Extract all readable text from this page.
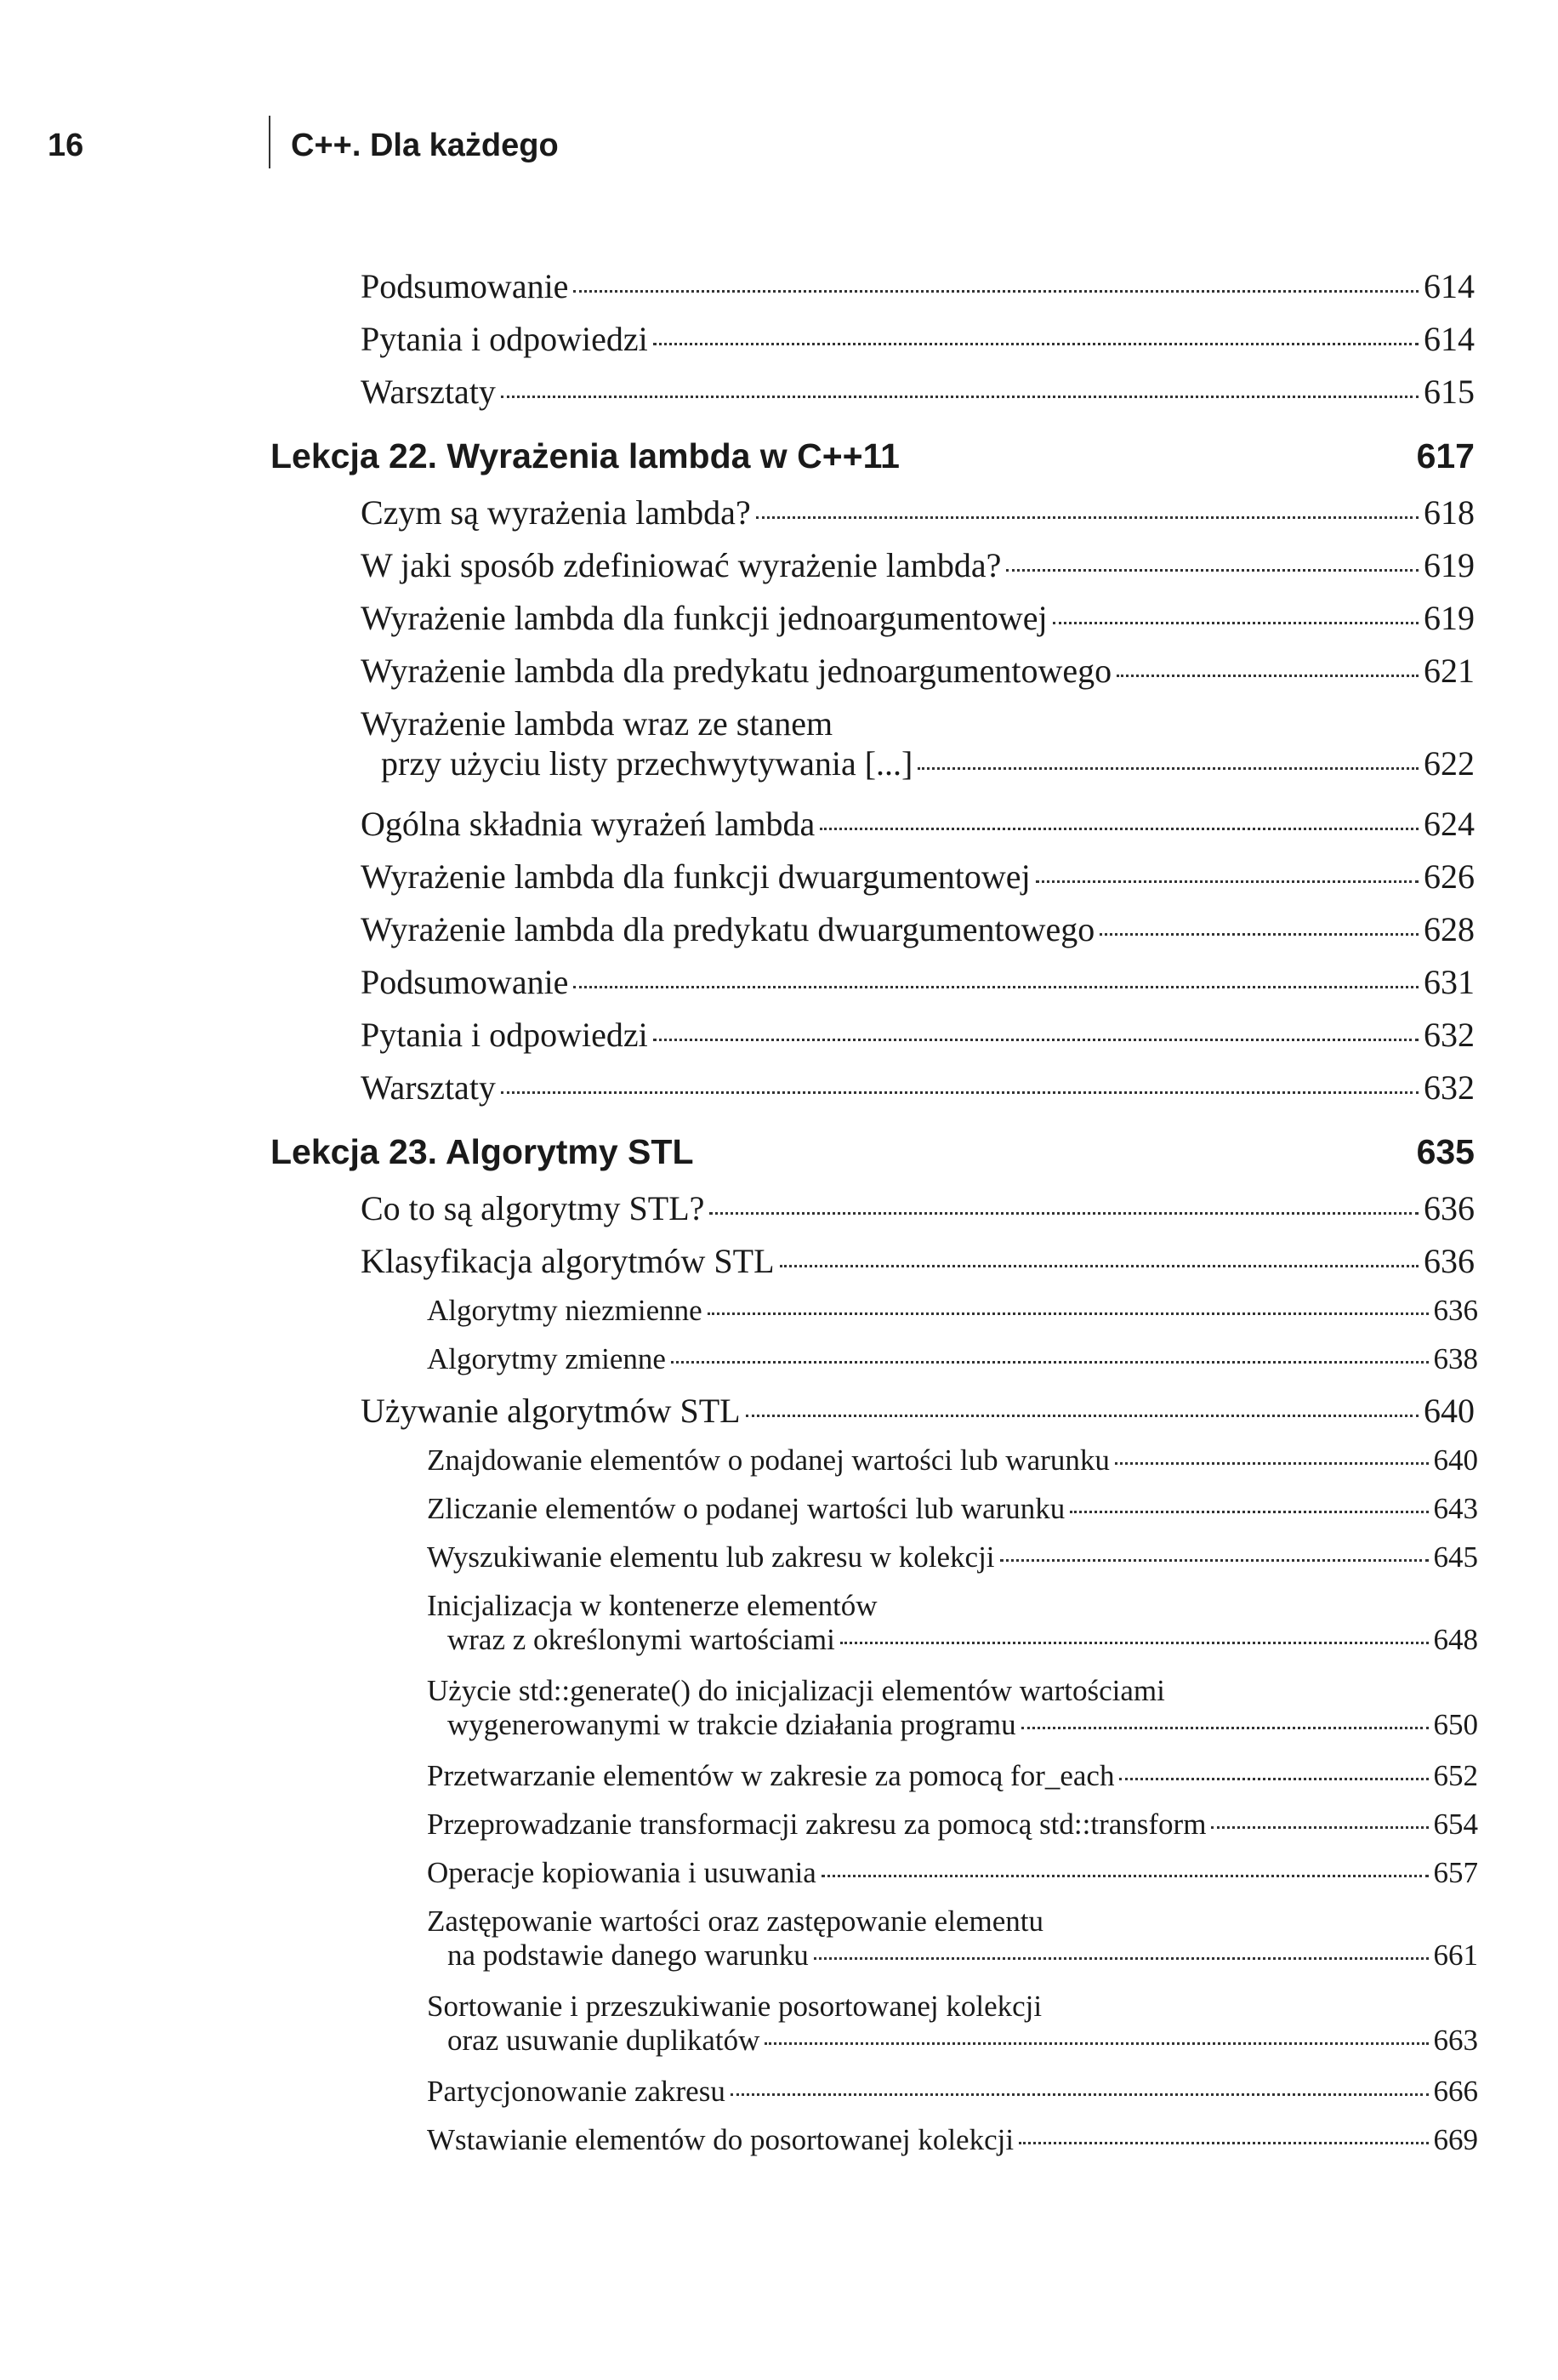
16	C++. Dla każdego
Podsumowanie	614
Pytania i odpowiedzi	614
Warsztaty	615
Lekcja 22. Wyrażenia lambda w C++11	617
Czym są wyrażenia lambda?	618
W jaki sposób zdefiniować wyrażenie lambda?	619
Wyrażenie lambda dla funkcji jednoargumentowej	619
Wyrażenie lambda dla predykatu jednoargumentowego	621
Wyrażenie lambda wraz ze stanem
przy użyciu listy przechwytywania [...]	622
Ogólna składnia wyrażeń lambda	624
Wyrażenie lambda dla funkcji dwuargumentowej	626
Wyrażenie lambda dla predykatu dwuargumentowego	628
Podsumowanie	631
Pytania i odpowiedzi	632
Warsztaty	632
Lekcja 23. Algorytmy STL	635
Co to są algorytmy STL?	636
Klasyfikacja algorytmów STL	636
Algorytmy niezmienne	636
Algorytmy zmienne	638
Używanie algorytmów STL	640
Znajdowanie elementów o podanej wartości lub warunku	640
Zliczanie elementów o podanej wartości lub warunku	643
Wyszukiwanie elementu lub zakresu w kolekcji	645
Inicjalizacja w kontenerze elementów
wraz z określonymi wartościami	648
Użycie std::generate() do inicjalizacji elementów wartościami
wygenerowanymi w trakcie działania programu	650
Przetwarzanie elementów w zakresie za pomocą for_each	652
Przeprowadzanie transformacji zakresu za pomocą std::transform	654
Operacje kopiowania i usuwania	657
Zastępowanie wartości oraz zastępowanie elementu
na podstawie danego warunku	661
Sortowanie i przeszukiwanie posortowanej kolekcji
oraz usuwanie duplikatów	663
Partycjonowanie zakresu	666
Wstawianie elementów do posortowanej kolekcji	669
